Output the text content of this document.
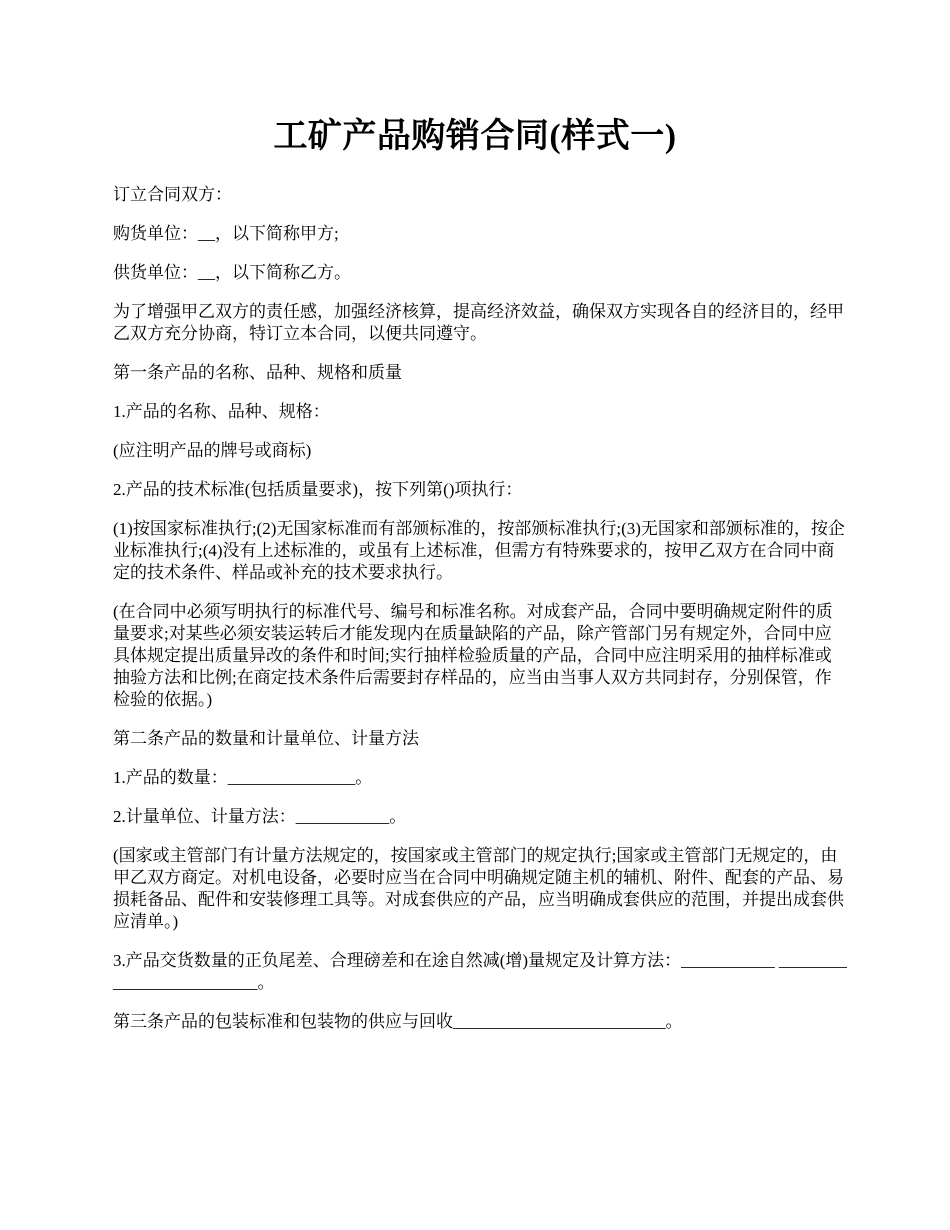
工矿产品购销合同(样式一)

订立合同双方：

购货单位：__，以下简称甲方;

供货单位：__，以下简称乙方。

为了增强甲乙双方的责任感，加强经济核算，提高经济效益，确保双方实现各自的经济目的，经甲乙双方充分协商，特订立本合同，以便共同遵守。

第一条产品的名称、品种、规格和质量

1.产品的名称、品种、规格：

(应注明产品的牌号或商标)

2.产品的技术标准(包括质量要求)，按下列第()项执行：

(1)按国家标准执行;(2)无国家标准而有部颁标准的，按部颁标准执行;(3)无国家和部颁标准的，按企业标准执行;(4)没有上述标准的，或虽有上述标准，但需方有特殊要求的，按甲乙双方在合同中商定的技术条件、样品或补充的技术要求执行。

(在合同中必须写明执行的标准代号、编号和标准名称。对成套产品，合同中要明确规定附件的质量要求;对某些必须安装运转后才能发现内在质量缺陷的产品，除产管部门另有规定外，合同中应具体规定提出质量异改的条件和时间;实行抽样检验质量的产品，合同中应注明采用的抽样标准或抽验方法和比例;在商定技术条件后需要封存样品的，应当由当事人双方共同封存，分别保管，作检验的依据。)

第二条产品的数量和计量单位、计量方法

1.产品的数量：_______________。

2.计量单位、计量方法：___________。

(国家或主管部门有计量方法规定的，按国家或主管部门的规定执行;国家或主管部门无规定的，由甲乙双方商定。对机电设备，必要时应当在合同中明确规定随主机的辅机、附件、配套的产品、易损耗备品、配件和安装修理工具等。对成套供应的产品，应当明确成套供应的范围，并提出成套供应清单。)

3.产品交货数量的正负尾差、合理磅差和在途自然减(增)量规定及计算方法：___________ _________________________。

第三条产品的包装标准和包装物的供应与回收_________________________。
